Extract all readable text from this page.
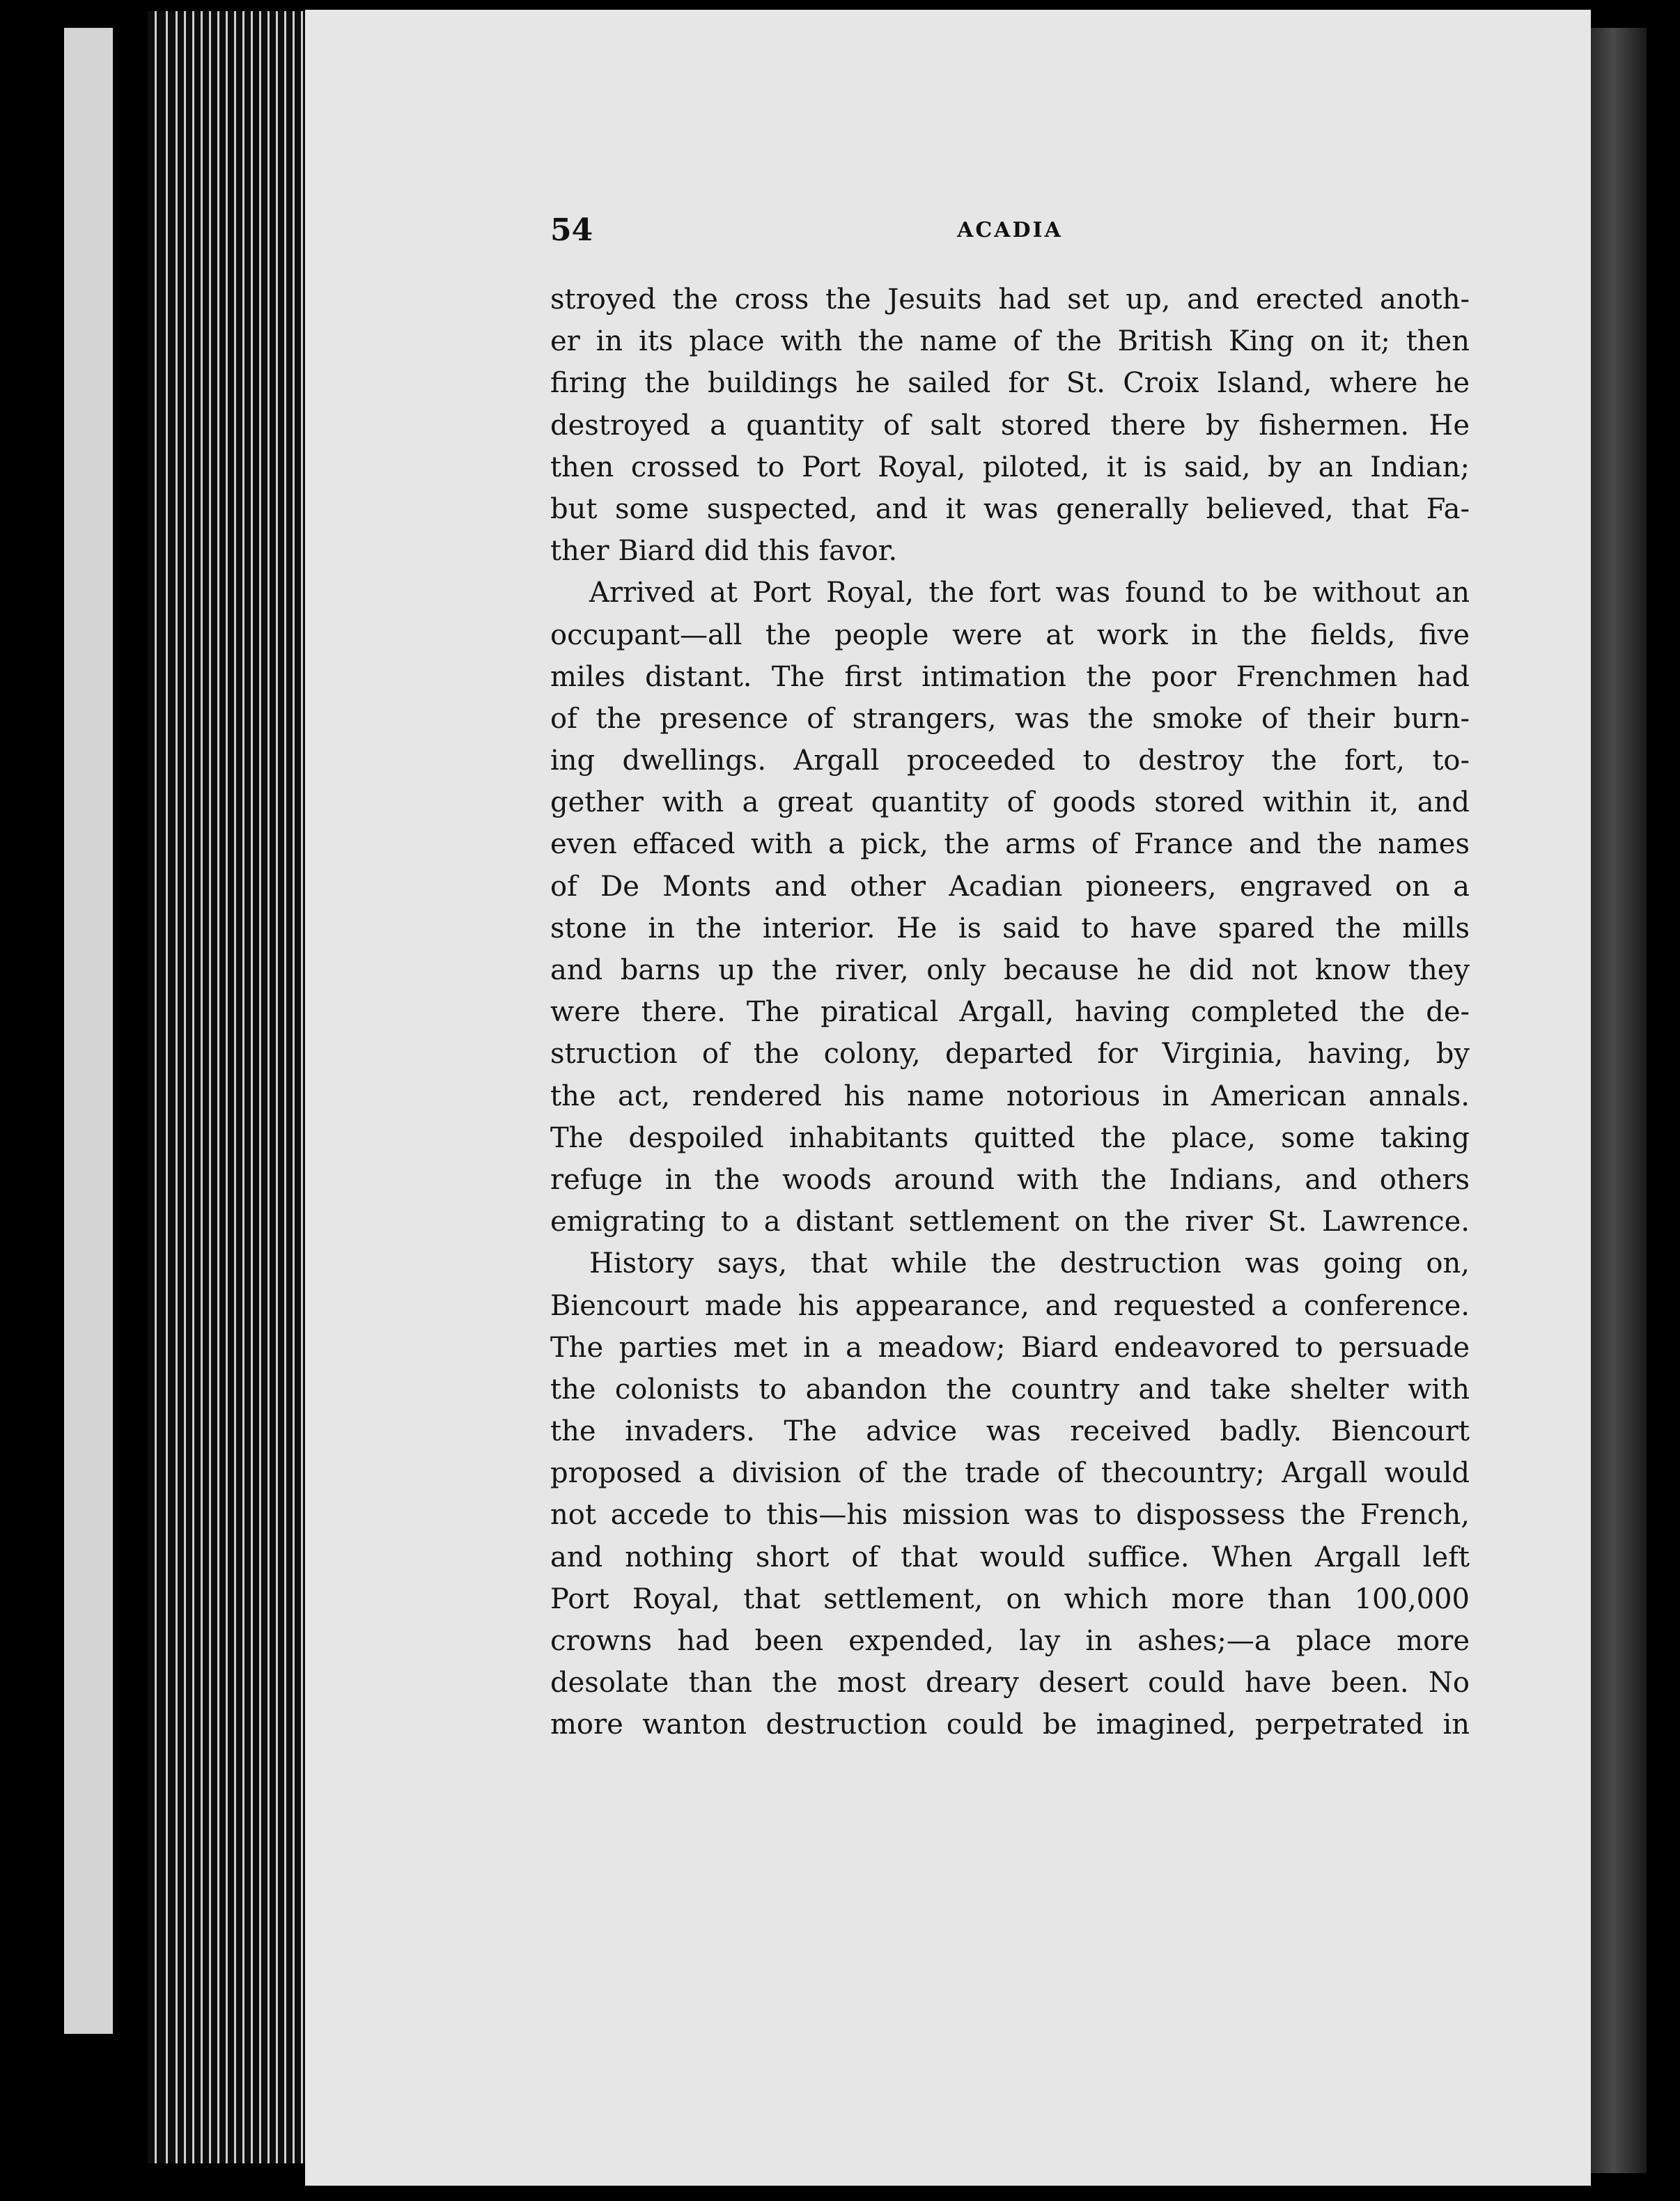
54	ACADIA
stroyed the cross the Jesuits had set up, and erected anoth-
er in its place with the name of the British King on it; then
firing the buildings he sailed for St. Croix Island, where he
destroyed a quantity of salt stored there by fishermen. He
then crossed to Port Royal, piloted, it is said, by an Indian;
but some suspected, and it was generally believed, that Fa-
ther Biard did this favor.
Arrived at Port Royal, the fort was found to be without an
occupant—all the people were at work in the fields, five
miles distant. The first intimation the poor Frenchmen had
of the presence of strangers, was the smoke of their burn-
ing dwellings. Argall proceeded to destroy the fort, to-
gether with a great quantity of goods stored within it, and
even effaced with a pick, the arms of France and the names
of De Monts and other Acadian pioneers, engraved on a
stone in the interior. He is said to have spared the mills
and barns up the river, only because he did not know they
were there. The piratical Argall, having completed the de-
struction of the colony, departed for Virginia, having, by
the act, rendered his name notorious in American annals.
The despoiled inhabitants quitted the place, some taking
refuge in the woods around with the Indians, and others
emigrating to a distant settlement on the river St. Lawrence.
History says, that while the destruction was going on,
Biencourt made his appearance, and requested a conference.
The parties met in a meadow; Biard endeavored to persuade
the colonists to abandon the country and take shelter with
the invaders. The advice was received badly. Biencourt
proposed a division of the trade of thecountry; Argall would
not accede to this—his mission was to dispossess the French,
and nothing short of that would suffice. When Argall left
Port Royal, that settlement, on which more than 100,000
crowns had been expended, lay in ashes;—a place more
desolate than the most dreary desert could have been. No
more wanton destruction could be imagined, perpetrated in
